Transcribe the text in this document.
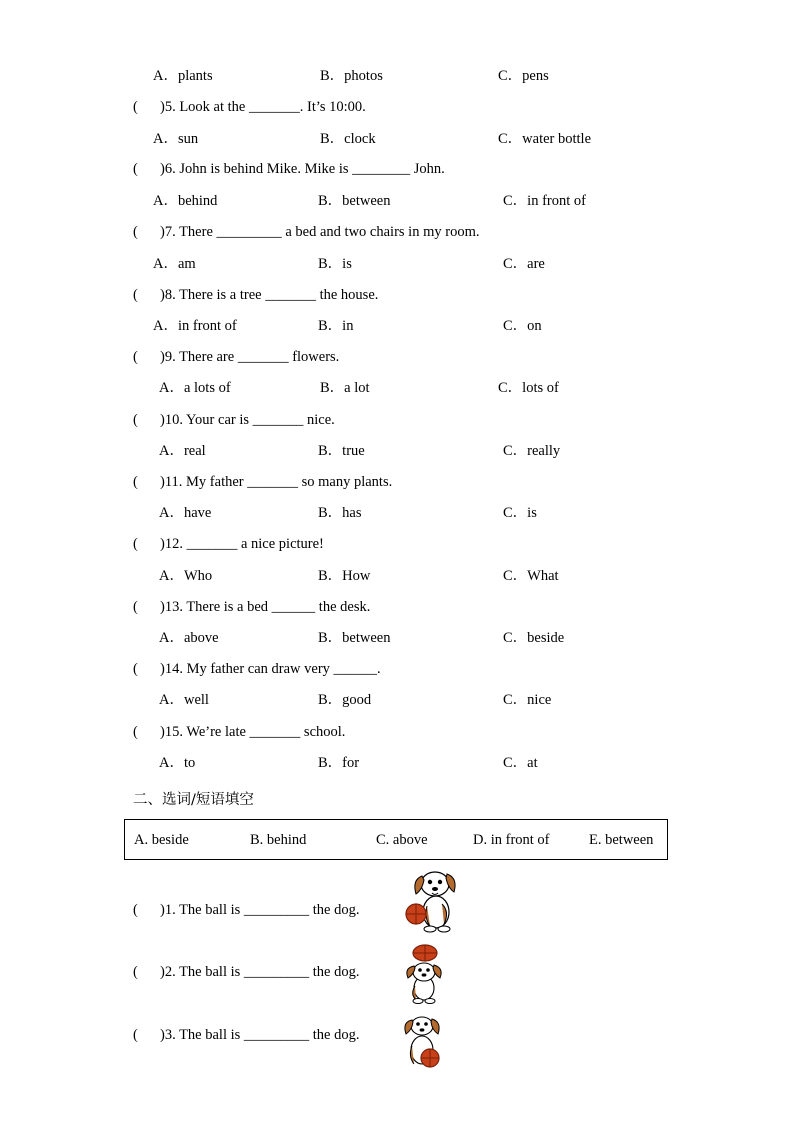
A．plants	B．photos	C．pens
( )5. Look at the _______. It’s 10:00.
A．sun	B．clock	C．water bottle
( )6. John is behind Mike. Mike is ________ John.
A．behind	B．between	C．in front of
( )7. There _________ a bed and two chairs in my room.
A．am	B．is	C．are
( )8. There is a tree _______ the house.
A．in front of	B．in	C．on
( )9. There are _______ flowers.
A．a lots of	B．a lot	C．lots of
( )10. Your car is _______ nice.
A．real	B．true	C．really
( )11. My father _______ so many plants.
A．have	B．has	C．is
( )12. _______ a nice picture!
A．Who	B．How	C．What
( )13. There is a bed ______ the desk.
A．above	B．between	C．beside
( )14. My father can draw very ______.
A．well	B．good	C．nice
( )15. We’re late _______ school.
A．to	B．for	C．at
二、选词/短语填空
A. beside	B. behind	C. above	D. in front of	E. between
( )1. The ball is _________ the dog.
( )2. The ball is _________ the dog.
( )3. The ball is _________ the dog.
